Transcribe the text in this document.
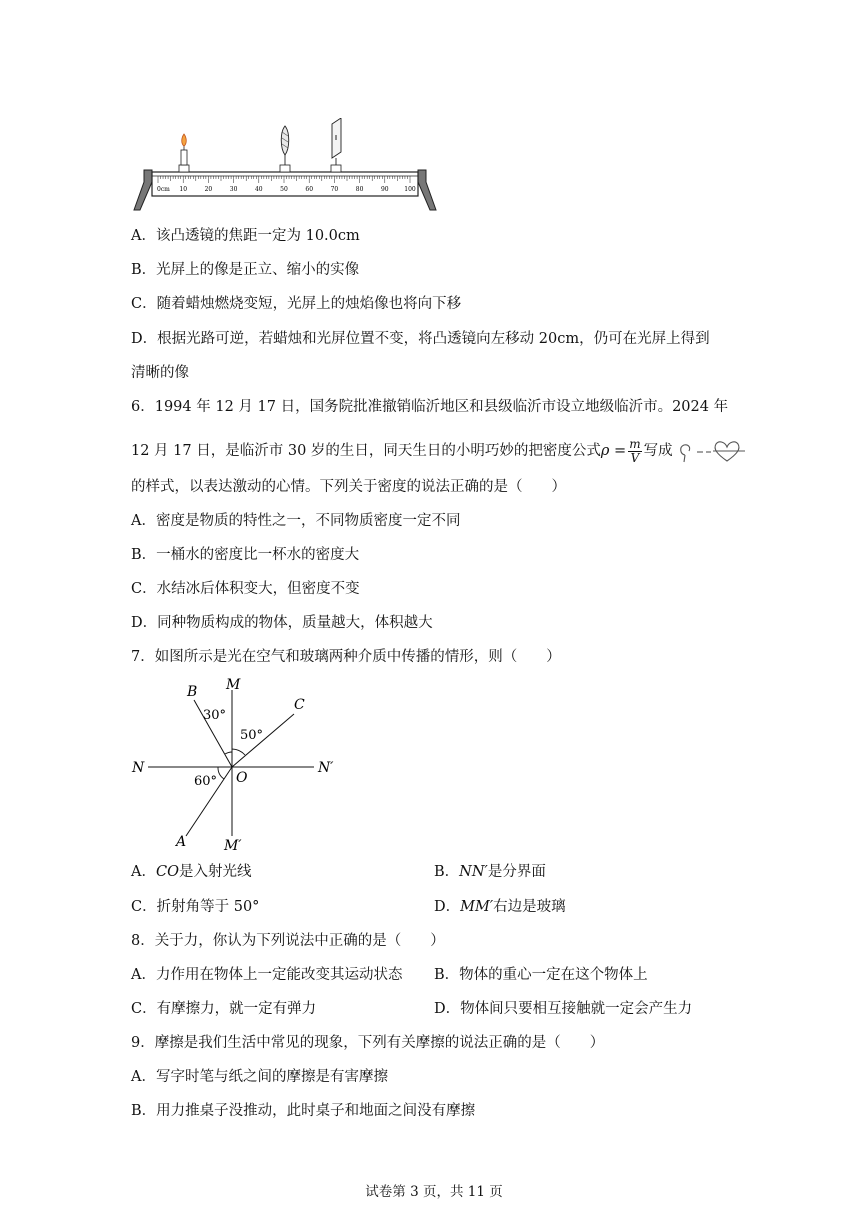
0cm 10	20	30	40	50	60	70	80	90	100
A．该凸透镜的焦距一定为 10.0cm
B．光屏上的像是正立、缩小的实像
C．随着蜡烛燃烧变短，光屏上的烛焰像也将向下移
D．根据光路可逆，若蜡烛和光屏位置不变，将凸透镜向左移动 20cm，仍可在光屏上得到
清晰的像
6．1994 年 12 月 17 日，国务院批准撤销临沂地区和县级临沂市设立地级临沂市。2024 年
12 月 17 日，是临沂市 30 岁的生日，同天生日的小明巧妙的把密度公式$\rho = \frac{m}{V}$ 写成
的样式，以表达激动的心情。下列关于密度的说法正确的是（　　）
A．密度是物质的特性之一，不同物质密度一定不同
B．一桶水的密度比一杯水的密度大
C．水结冰后体积变大，但密度不变
D．同种物质构成的物体，质量越大，体积越大
7．如图所示是光在空气和玻璃两种介质中传播的情形，则（　　）
B M
C
N	N′
O
A	M′
30°
50°
60°
A．CO是入射光线	B．NN′是分界面
C．折射角等于 50°	D．MM′右边是玻璃
8．关于力，你认为下列说法中正确的是（　　）
A．力作用在物体上一定能改变其运动状态 B．物体的重心一定在这个物体上
C．有摩擦力，就一定有弹力	D．物体间只要相互接触就一定会产生力
9．摩擦是我们生活中常见的现象，下列有关摩擦的说法正确的是（　　）
A．写字时笔与纸之间的摩擦是有害摩擦
B．用力推桌子没推动，此时桌子和地面之间没有摩擦
试卷第 3 页，共 11 页
